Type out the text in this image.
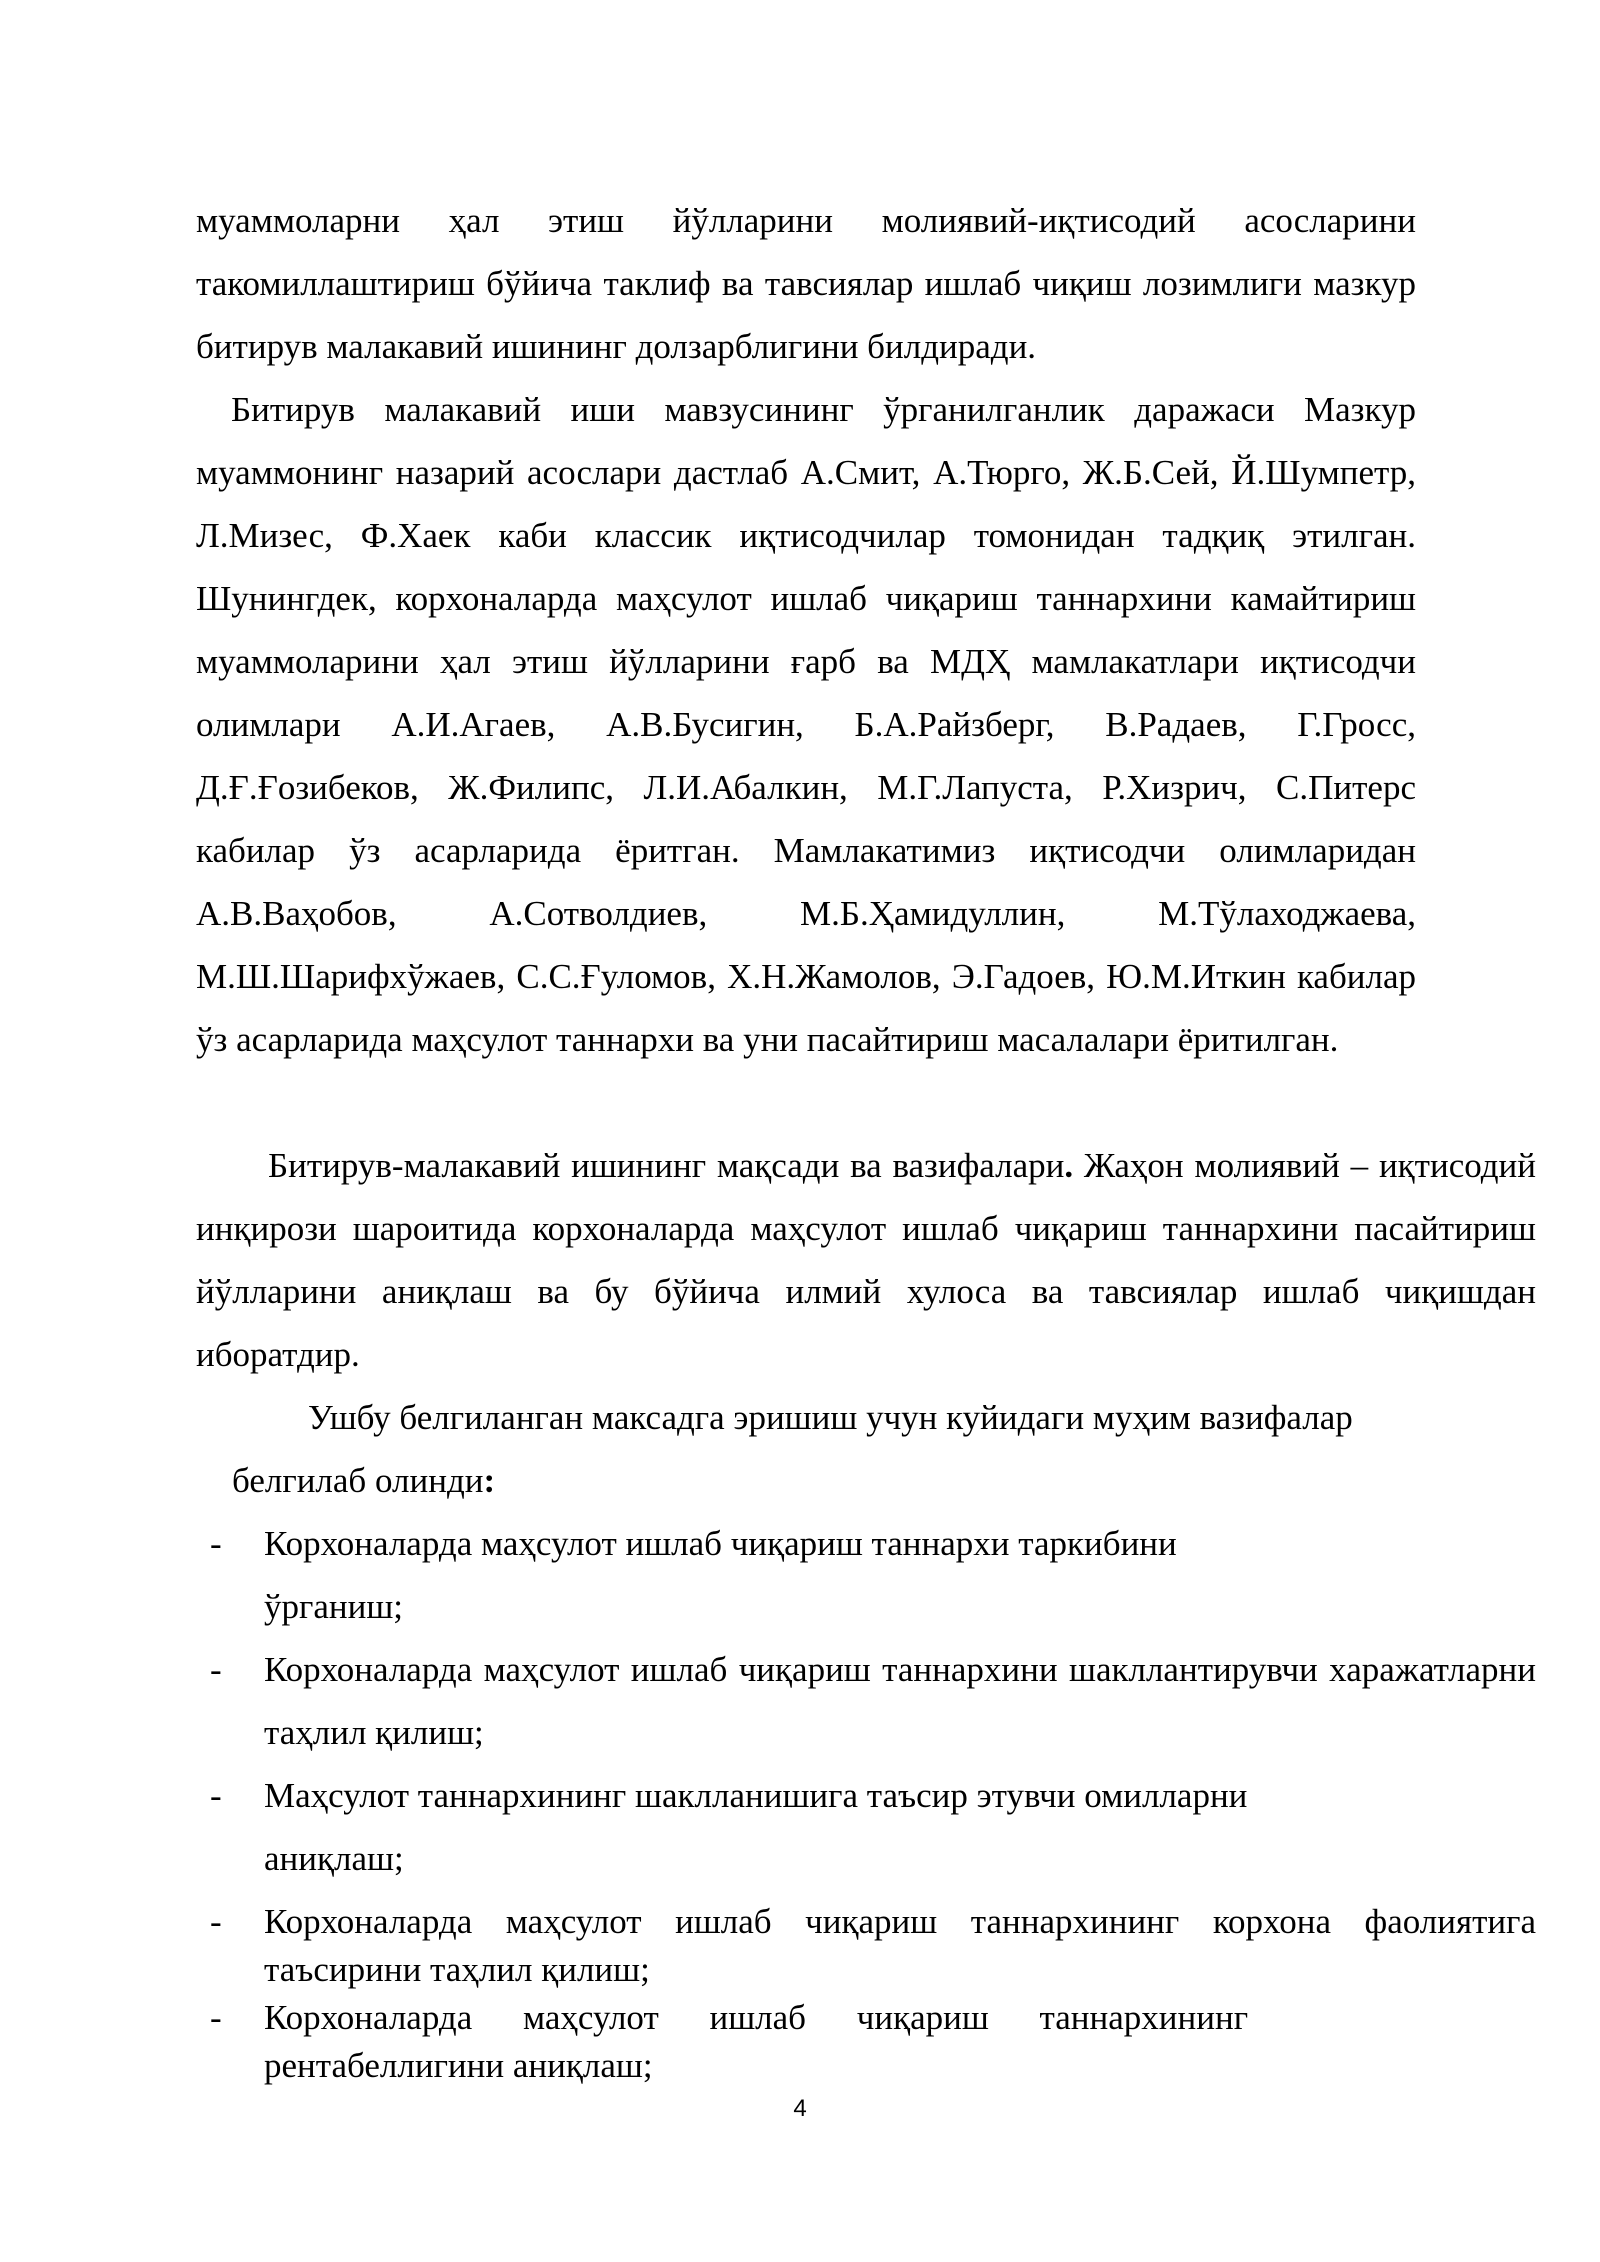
муаммоларни ҳал этиш йўлларини молиявий-иқтисодий асосларини такомиллаштириш бўйича таклиф ва тавсиялар ишлаб чиқиш лозимлиги мазкур битирув малакавий ишининг долзарблигини билдиради.

Битирув малакавий иши мавзусининг ўрганилганлик даражаси Мазкур муаммонинг назарий асослари дастлаб А.Смит, А.Тюрго, Ж.Б.Сей, Й.Шумпетр, Л.Мизес, Ф.Хаек каби классик иқтисодчилар томонидан тадқиқ этилган. Шунингдек, корхоналарда маҳсулот ишлаб чиқариш таннархини камайтириш муаммоларини ҳал этиш йўлларини ғарб ва МДҲ мамлакатлари иқтисодчи олимлари А.И.Агаев, А.В.Бусигин, Б.А.Райзберг, В.Радаев, Г.Гросс, Д.Ғ.Ғозибеков, Ж.Филипс, Л.И.Абалкин, М.Г.Лапуста, Р.Хизрич, С.Питерс кабилар ўз асарларида ёритган. Мамлакатимиз иқтисодчи олимларидан А.В.Ваҳобов, А.Сотволдиев, М.Б.Ҳамидуллин, М.Тўлаходжаева, М.Ш.Шарифхўжаев, С.С.Ғуломов, Х.Н.Жамолов, Э.Гадоев, Ю.М.Иткин кабилар ўз асарларида маҳсулот таннархи ва уни пасайтириш масалалари ёритилган.

Битирув-малакавий ишининг мақсади ва вазифалари. Жаҳон молиявий – иқтисодий инқирози шароитида корхоналарда маҳсулот ишлаб чиқариш таннархини пасайтириш йўлларини аниқлаш ва бу бўйича илмий хулоса ва тавсиялар ишлаб чиқишдан иборатдир.

Ушбу белгиланган максадга эришиш учун куйидаги муҳим вазифалар

белгилаб олинди:

-	Корхоналарда маҳсулот ишлаб чиқариш таннархи таркибини
ўрганиш;
-	Корхоналарда маҳсулот ишлаб чиқариш таннархини шакллантирувчи харажатларни таҳлил қилиш;
-	Маҳсулот таннархининг шаклланишига таъсир этувчи омилларни
аниқлаш;
-	Корхоналарда маҳсулот ишлаб чиқариш таннархининг корхона фаолиятига таъсирини таҳлил қилиш;
-	Корхоналарда маҳсулот ишлаб чиқариш таннархининг
рентабеллигини аниқлаш;
4
